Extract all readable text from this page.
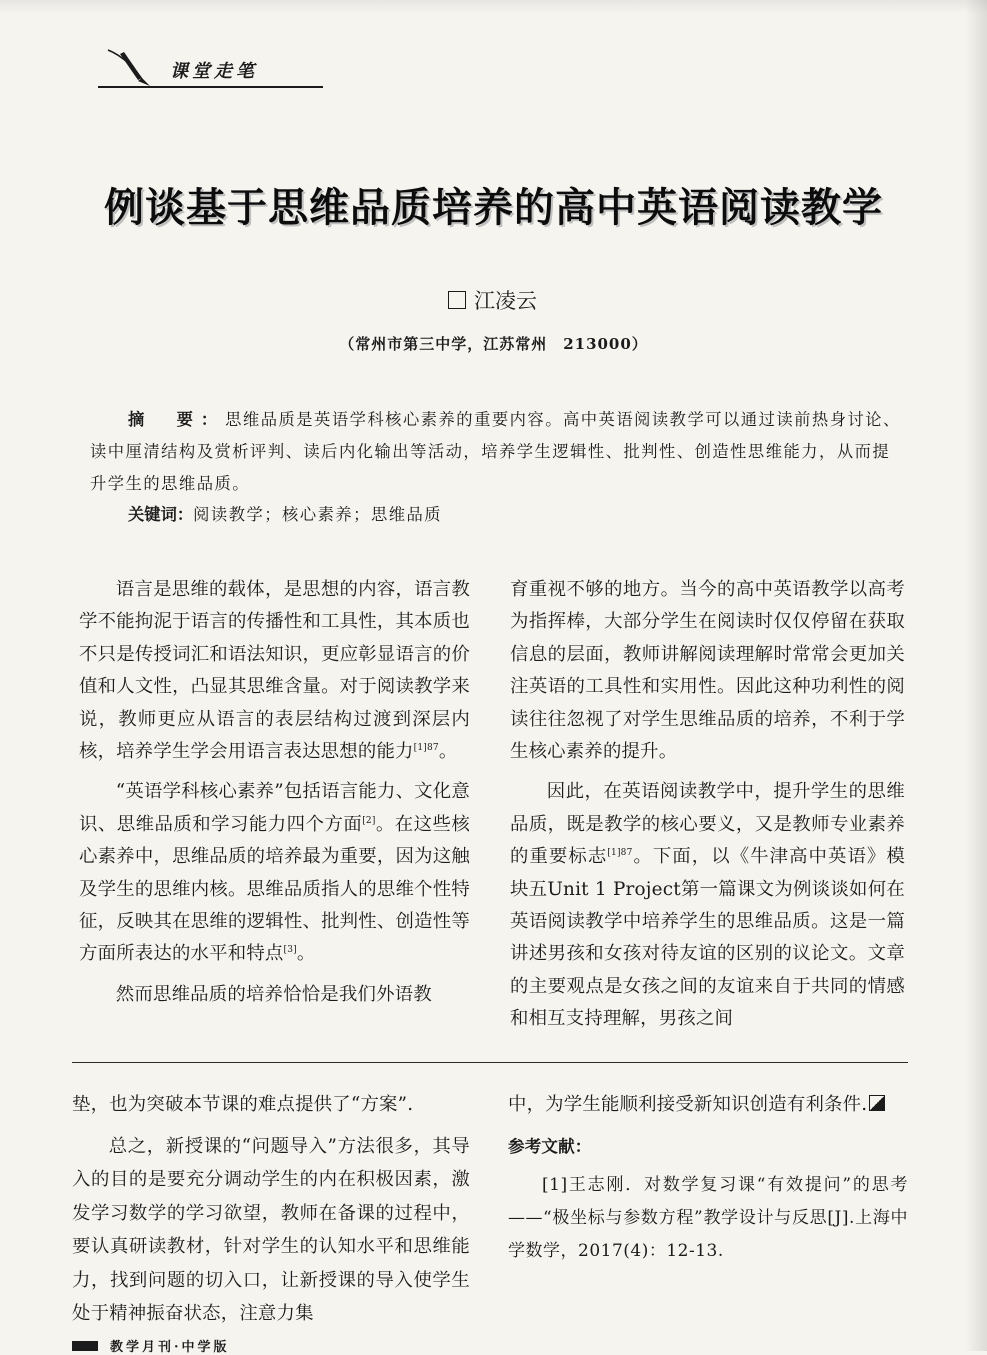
课堂走笔
例谈基于思维品质培养的高中英语阅读教学
江凌云
（常州市第三中学，江苏常州　213000）
摘　要：思维品质是英语学科核心素养的重要内容。高中英语阅读教学可以通过读前热身讨论、读中厘清结构及赏析评判、读后内化输出等活动，培养学生逻辑性、批判性、创造性思维能力，从而提升学生的思维品质。
关键词：阅读教学；核心素养；思维品质

语言是思维的载体，是思想的内容，语言教学不能拘泥于语言的传播性和工具性，其本质也不只是传授词汇和语法知识，更应彰显语言的价值和人文性，凸显其思维含量。对于阅读教学来说，教师更应从语言的表层结构过渡到深层内核，培养学生学会用语言表达思想的能力$^{[1]87}$。

“英语学科核心素养”包括语言能力、文化意识、思维品质和学习能力四个方面[2]。在这些核心素养中，思维品质的培养最为重要，因为这触及学生的思维内核。思维品质指人的思维个性特征，反映其在思维的逻辑性、批判性、创造性等方面所表达的水平和特点[3]。

然而思维品质的培养恰恰是我们外语教

育重视不够的地方。当今的高中英语教学以高考为指挥棒，大部分学生在阅读时仅仅停留在获取信息的层面，教师讲解阅读理解时常常会更加关注英语的工具性和实用性。因此这种功利性的阅读往往忽视了对学生思维品质的培养，不利于学生核心素养的提升。

因此，在英语阅读教学中，提升学生的思维品质，既是教学的核心要义，又是教师专业素养的重要标志$^{[1]87}$。下面，以《牛津高中英语》模块五Unit 1 Project第一篇课文为例谈谈如何在英语阅读教学中培养学生的思维品质。这是一篇讲述男孩和女孩对待友谊的区别的议论文。文章的主要观点是女孩之间的友谊来自于共同的情感和相互支持理解，男孩之间

垫，也为突破本节课的难点提供了“方案”.

总之，新授课的“问题导入”方法很多，其导入的目的是要充分调动学生的内在积极因素，激发学习数学的学习欲望，教师在备课的过程中，要认真研读教材，针对学生的认知水平和思维能力，找到问题的切入口，让新授课的导入使学生处于精神振奋状态，注意力集

中，为学生能顺利接受新知识创造有利条件.

参考文献：
[1]王志刚．对数学复习课“有效提问”的思考——“极坐标与参数方程”教学设计与反思[J].上海中学数学，2017(4)：12-13.
教学月刊·中学版
